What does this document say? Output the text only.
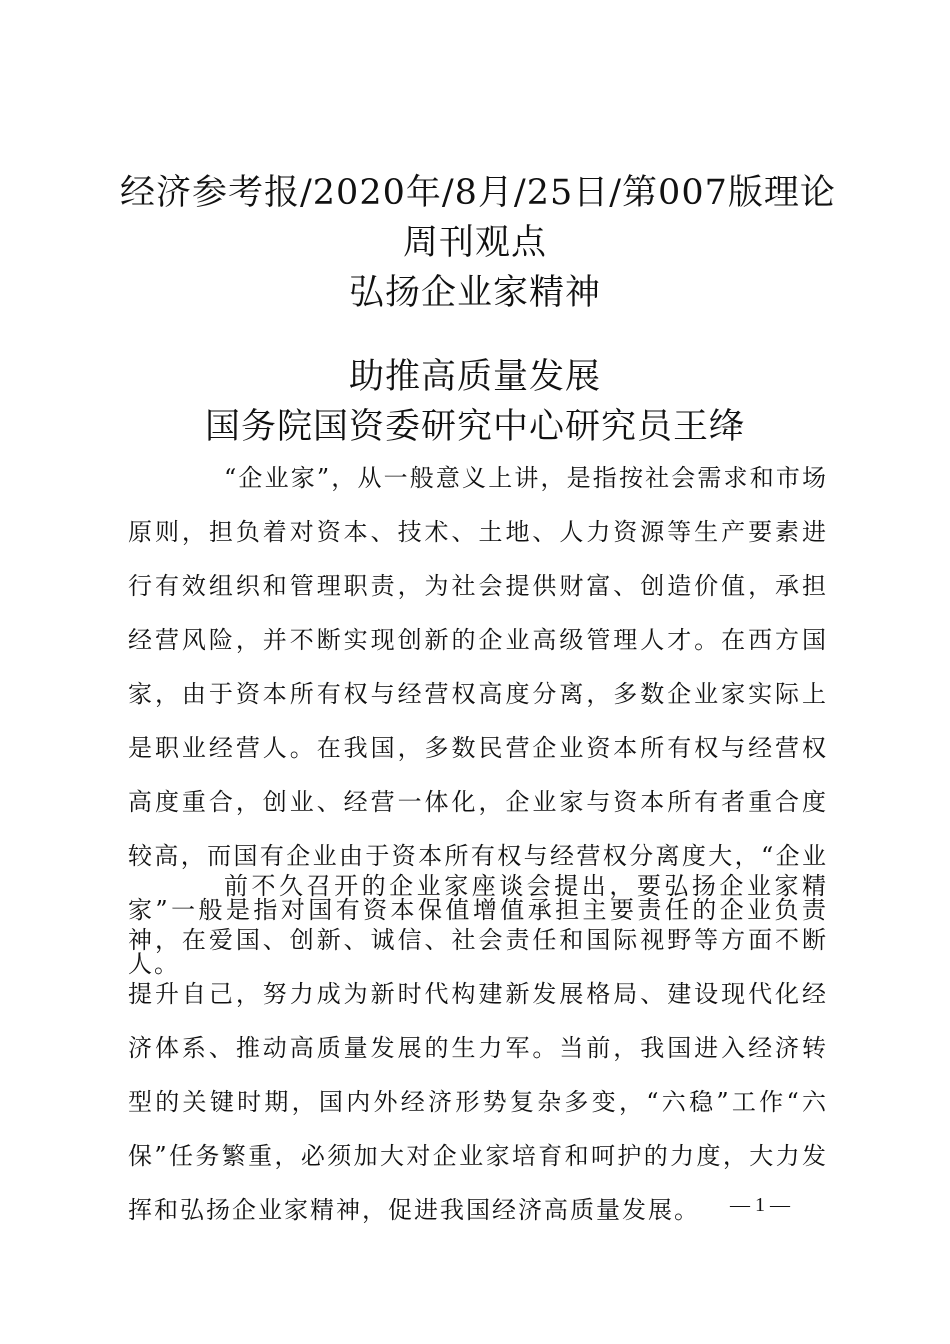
经济参考报/2020年/8月/25日/第007版理论
周刊观点
弘扬企业家精神
助推高质量发展
国务院国资委研究中心研究员王绛

“企业家”，从一般意义上讲，是指按社会需求和市场原则，担负着对资本、技术、土地、人力资源等生产要素进行有效组织和管理职责，为社会提供财富、创造价值，承担经营风险，并不断实现创新的企业高级管理人才。在西方国家，由于资本所有权与经营权高度分离，多数企业家实际上是职业经营人。在我国，多数民营企业资本所有权与经营权高度重合，创业、经营一体化，企业家与资本所有者重合度较高，而国有企业由于资本所有权与经营权分离度大，“企业家”一般是指对国有资本保值增值承担主要责任的企业负责人。

前不久召开的企业家座谈会提出，要弘扬企业家精神，在爱国、创新、诚信、社会责任和国际视野等方面不断提升自己，努力成为新时代构建新发展格局、建设现代化经济体系、推动高质量发展的生力军。当前，我国进入经济转型的关键时期，国内外经济形势复杂多变，“六稳”工作“六保”任务繁重，必须加大对企业家培育和呵护的力度，大力发挥和弘扬企业家精神，促进我国经济高质量发展。	— 1 —
